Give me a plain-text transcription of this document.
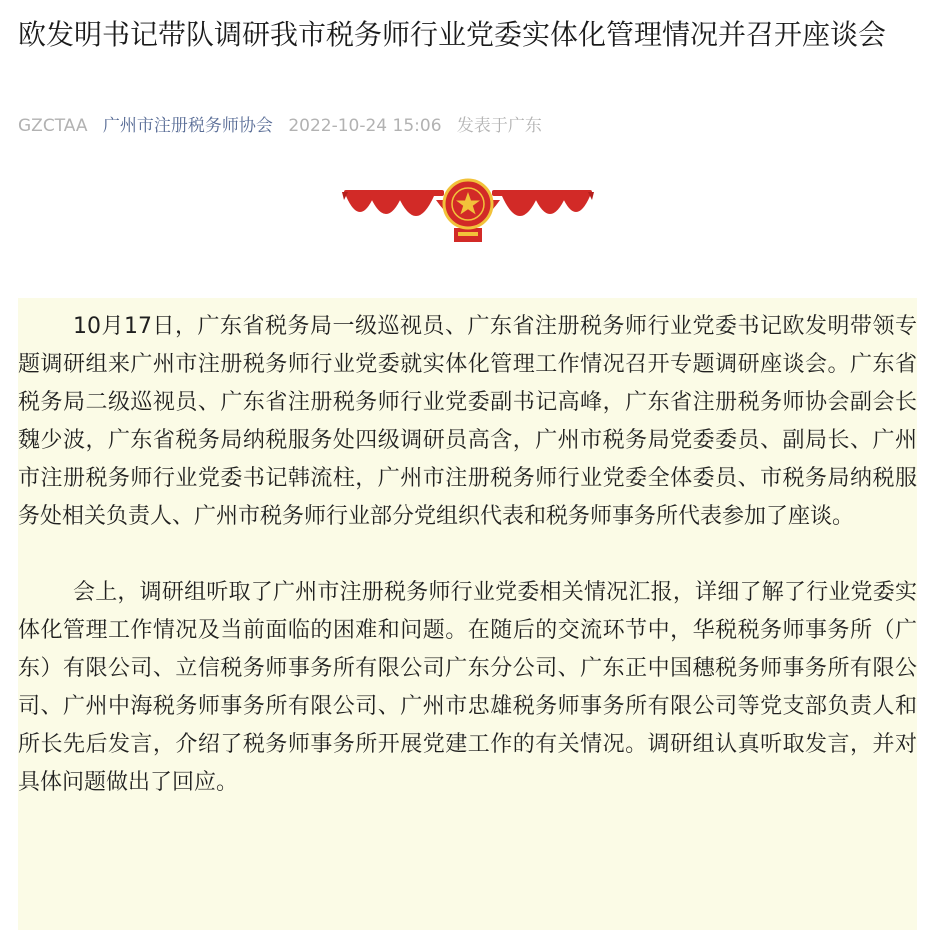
欧发明书记带队调研我市税务师行业党委实体化管理情况并召开座谈会
GZCTAA 广州市注册税务师协会 2022-10-24 15:06 发表于广东

10月17日，广东省税务局一级巡视员、广东省注册税务师行业党委书记欧发明带领专题调研组来广州市注册税务师行业党委就实体化管理工作情况召开专题调研座谈会。广东省税务局二级巡视员、广东省注册税务师行业党委副书记高峰，广东省注册税务师协会副会长魏少波，广东省税务局纳税服务处四级调研员高含，广州市税务局党委委员、副局长、广州市注册税务师行业党委书记韩流柱，广州市注册税务师行业党委全体委员、市税务局纳税服务处相关负责人、广州市税务师行业部分党组织代表和税务师事务所代表参加了座谈。

会上，调研组听取了广州市注册税务师行业党委相关情况汇报，详细了解了行业党委实体化管理工作情况及当前面临的困难和问题。在随后的交流环节中，华税税务师事务所（广东）有限公司、立信税务师事务所有限公司广东分公司、广东正中国穗税务师事务所有限公司、广州中海税务师事务所有限公司、广州市忠雄税务师事务所有限公司等党支部负责人和所长先后发言，介绍了税务师事务所开展党建工作的有关情况。调研组认真听取发言，并对具体问题做出了回应。
